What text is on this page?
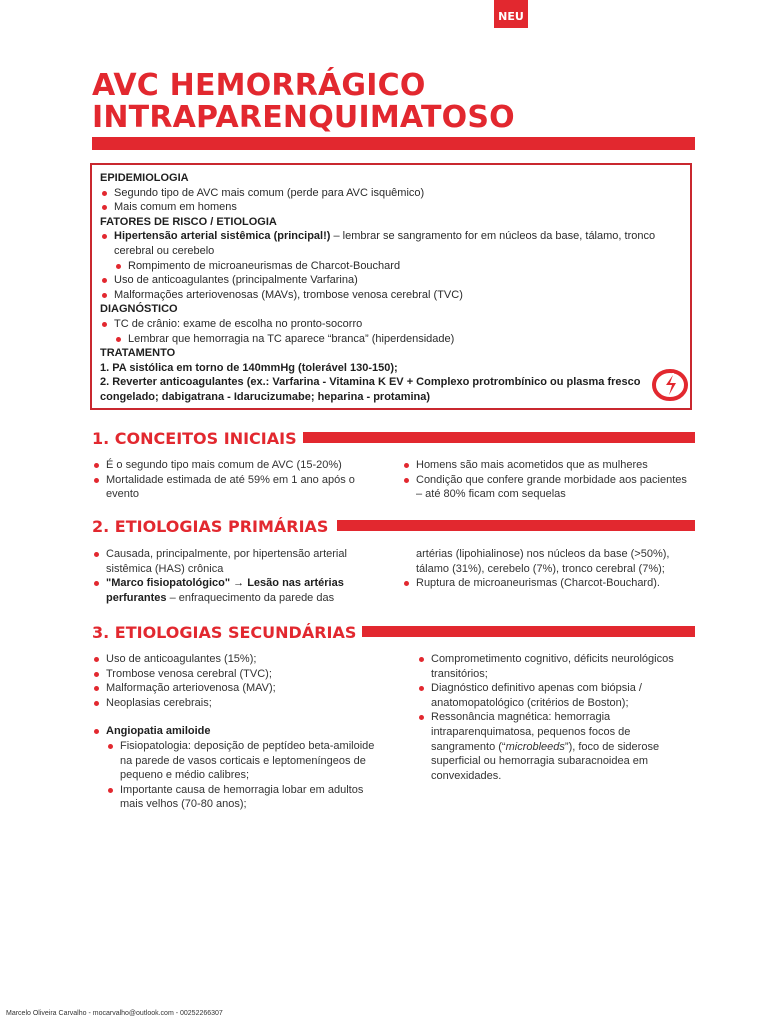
NEU
AVC HEMORRÁGICO
INTRAPARENQUIMATOSO
EPIDEMIOLOGIA
Segundo tipo de AVC mais comum (perde para AVC isquêmico)
Mais comum em homens
FATORES DE RISCO / ETIOLOGIA
Hipertensão arterial sistêmica (principal!) – lembrar se sangramento for em núcleos da base, tálamo, tronco cerebral ou cerebelo
Rompimento de microaneurismas de Charcot-Bouchard
Uso de anticoagulantes (principalmente Varfarina)
Malformações arteriovenosas (MAVs), trombose venosa cerebral (TVC)
DIAGNÓSTICO
TC de crânio: exame de escolha no pronto-socorro
Lembrar que hemorragia na TC aparece “branca” (hiperdensidade)
TRATAMENTO
1. PA sistólica em torno de 140mmHg (tolerável 130-150);
2. Reverter anticoagulantes (ex.: Varfarina - Vitamina K EV + Complexo protrombínico ou plasma fresco congelado; dabigatrana - Idarucizumabe; heparina - protamina)
1. CONCEITOS INICIAIS
É o segundo tipo mais comum de AVC (15-20%)
Mortalidade estimada de até 59% em 1 ano após o evento
Homens são mais acometidos que as mulheres
Condição que confere grande morbidade aos pacientes – até 80% ficam com sequelas
2. ETIOLOGIAS PRIMÁRIAS
Causada, principalmente, por hipertensão arterial sistêmica (HAS) crônica
"Marco fisiopatológico" → Lesão nas artérias perfurantes – enfraquecimento da parede das
artérias (lipohialinose) nos núcleos da base (>50%), tálamo (31%), cerebelo (7%), tronco cerebral (7%);
Ruptura de microaneurismas (Charcot-Bouchard).
3. ETIOLOGIAS SECUNDÁRIAS
Uso de anticoagulantes (15%);
Trombose venosa cerebral (TVC);
Malformação arteriovenosa (MAV);
Neoplasias cerebrais;
Angiopatia amiloide
Fisiopatologia: deposição de peptídeo beta-amiloide na parede de vasos corticais e leptomeníngeos de pequeno e médio calibres;
Importante causa de hemorragia lobar em adultos mais velhos (70-80 anos);
Comprometimento cognitivo, déficits neurológicos transitórios;
Diagnóstico definitivo apenas com biópsia / anatomopatológico (critérios de Boston);
Ressonância magnética: hemorragia intraparenquimatosa, pequenos focos de sangramento (“microbleeds”), foco de siderose superficial ou hemorragia subaracnoidea em convexidades.
Marcelo Oliveira Carvalho - mocarvalho@outlook.com - 00252266307
